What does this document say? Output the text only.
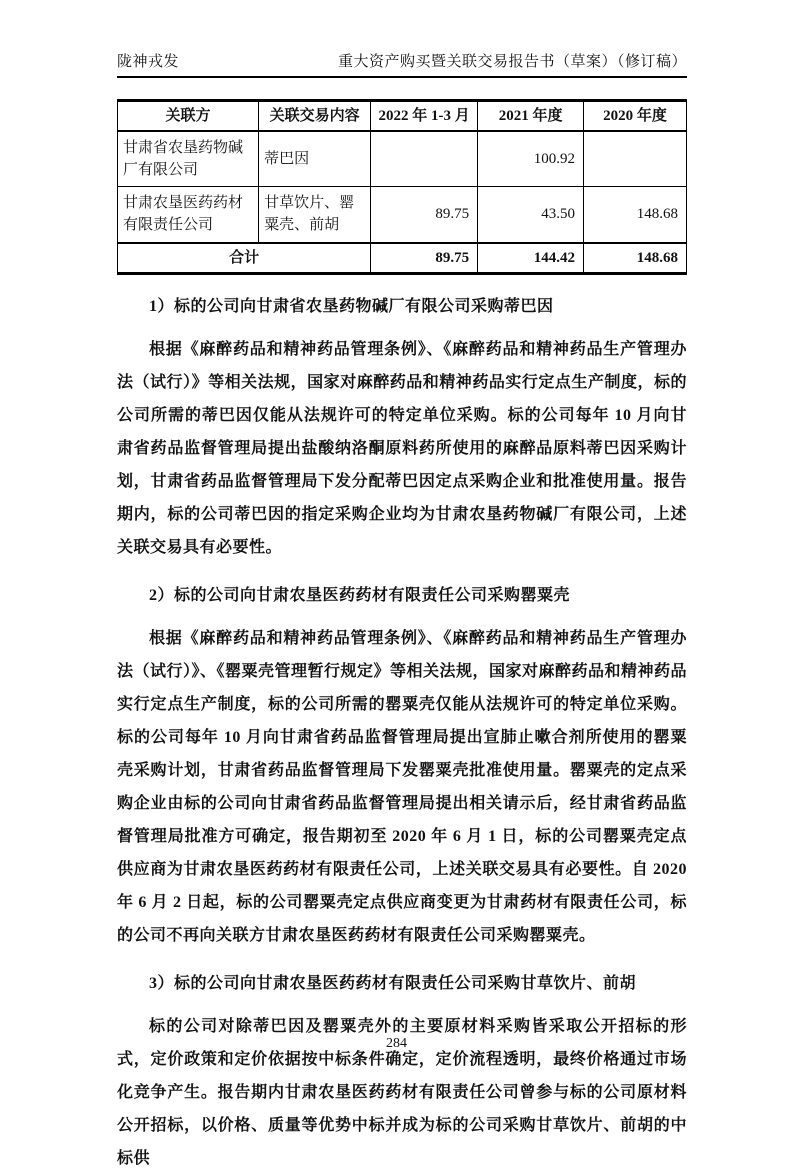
陇神戎发	重大资产购买暨关联交易报告书（草案）（修订稿）
关联方	关联交易内容	2022 年 1-3 月	2021 年度	2020 年度
甘肃省农垦药物碱厂有限公司	蒂巴因		100.92	
甘肃农垦医药药材有限责任公司	甘草饮片、罂粟壳、前胡	89.75	43.50	148.68
合计		89.75	144.42	148.68
1）标的公司向甘肃省农垦药物碱厂有限公司采购蒂巴因
根据《麻醉药品和精神药品管理条例》、《麻醉药品和精神药品生产管理办法（试行）》等相关法规，国家对麻醉药品和精神药品实行定点生产制度，标的公司所需的蒂巴因仅能从法规许可的特定单位采购。标的公司每年 10 月向甘肃省药品监督管理局提出盐酸纳洛酮原料药所使用的麻醉品原料蒂巴因采购计划，甘肃省药品监督管理局下发分配蒂巴因定点采购企业和批准使用量。报告期内，标的公司蒂巴因的指定采购企业均为甘肃农垦药物碱厂有限公司，上述关联交易具有必要性。
2）标的公司向甘肃农垦医药药材有限责任公司采购罂粟壳
根据《麻醉药品和精神药品管理条例》、《麻醉药品和精神药品生产管理办法（试行）》、《罂粟壳管理暂行规定》等相关法规，国家对麻醉药品和精神药品实行定点生产制度，标的公司所需的罂粟壳仅能从法规许可的特定单位采购。标的公司每年 10 月向甘肃省药品监督管理局提出宣肺止嗽合剂所使用的罂粟壳采购计划，甘肃省药品监督管理局下发罂粟壳批准使用量。罂粟壳的定点采购企业由标的公司向甘肃省药品监督管理局提出相关请示后，经甘肃省药品监督管理局批准方可确定，报告期初至 2020 年 6 月 1 日，标的公司罂粟壳定点供应商为甘肃农垦医药药材有限责任公司，上述关联交易具有必要性。自 2020 年 6 月 2 日起，标的公司罂粟壳定点供应商变更为甘肃药材有限责任公司，标的公司不再向关联方甘肃农垦医药药材有限责任公司采购罂粟壳。
3）标的公司向甘肃农垦医药药材有限责任公司采购甘草饮片、前胡
标的公司对除蒂巴因及罂粟壳外的主要原材料采购皆采取公开招标的形式，定价政策和定价依据按中标条件确定，定价流程透明，最终价格通过市场化竞争产生。报告期内甘肃农垦医药药材有限责任公司曾参与标的公司原材料公开招标，以价格、质量等优势中标并成为标的公司采购甘草饮片、前胡的中标供
284
